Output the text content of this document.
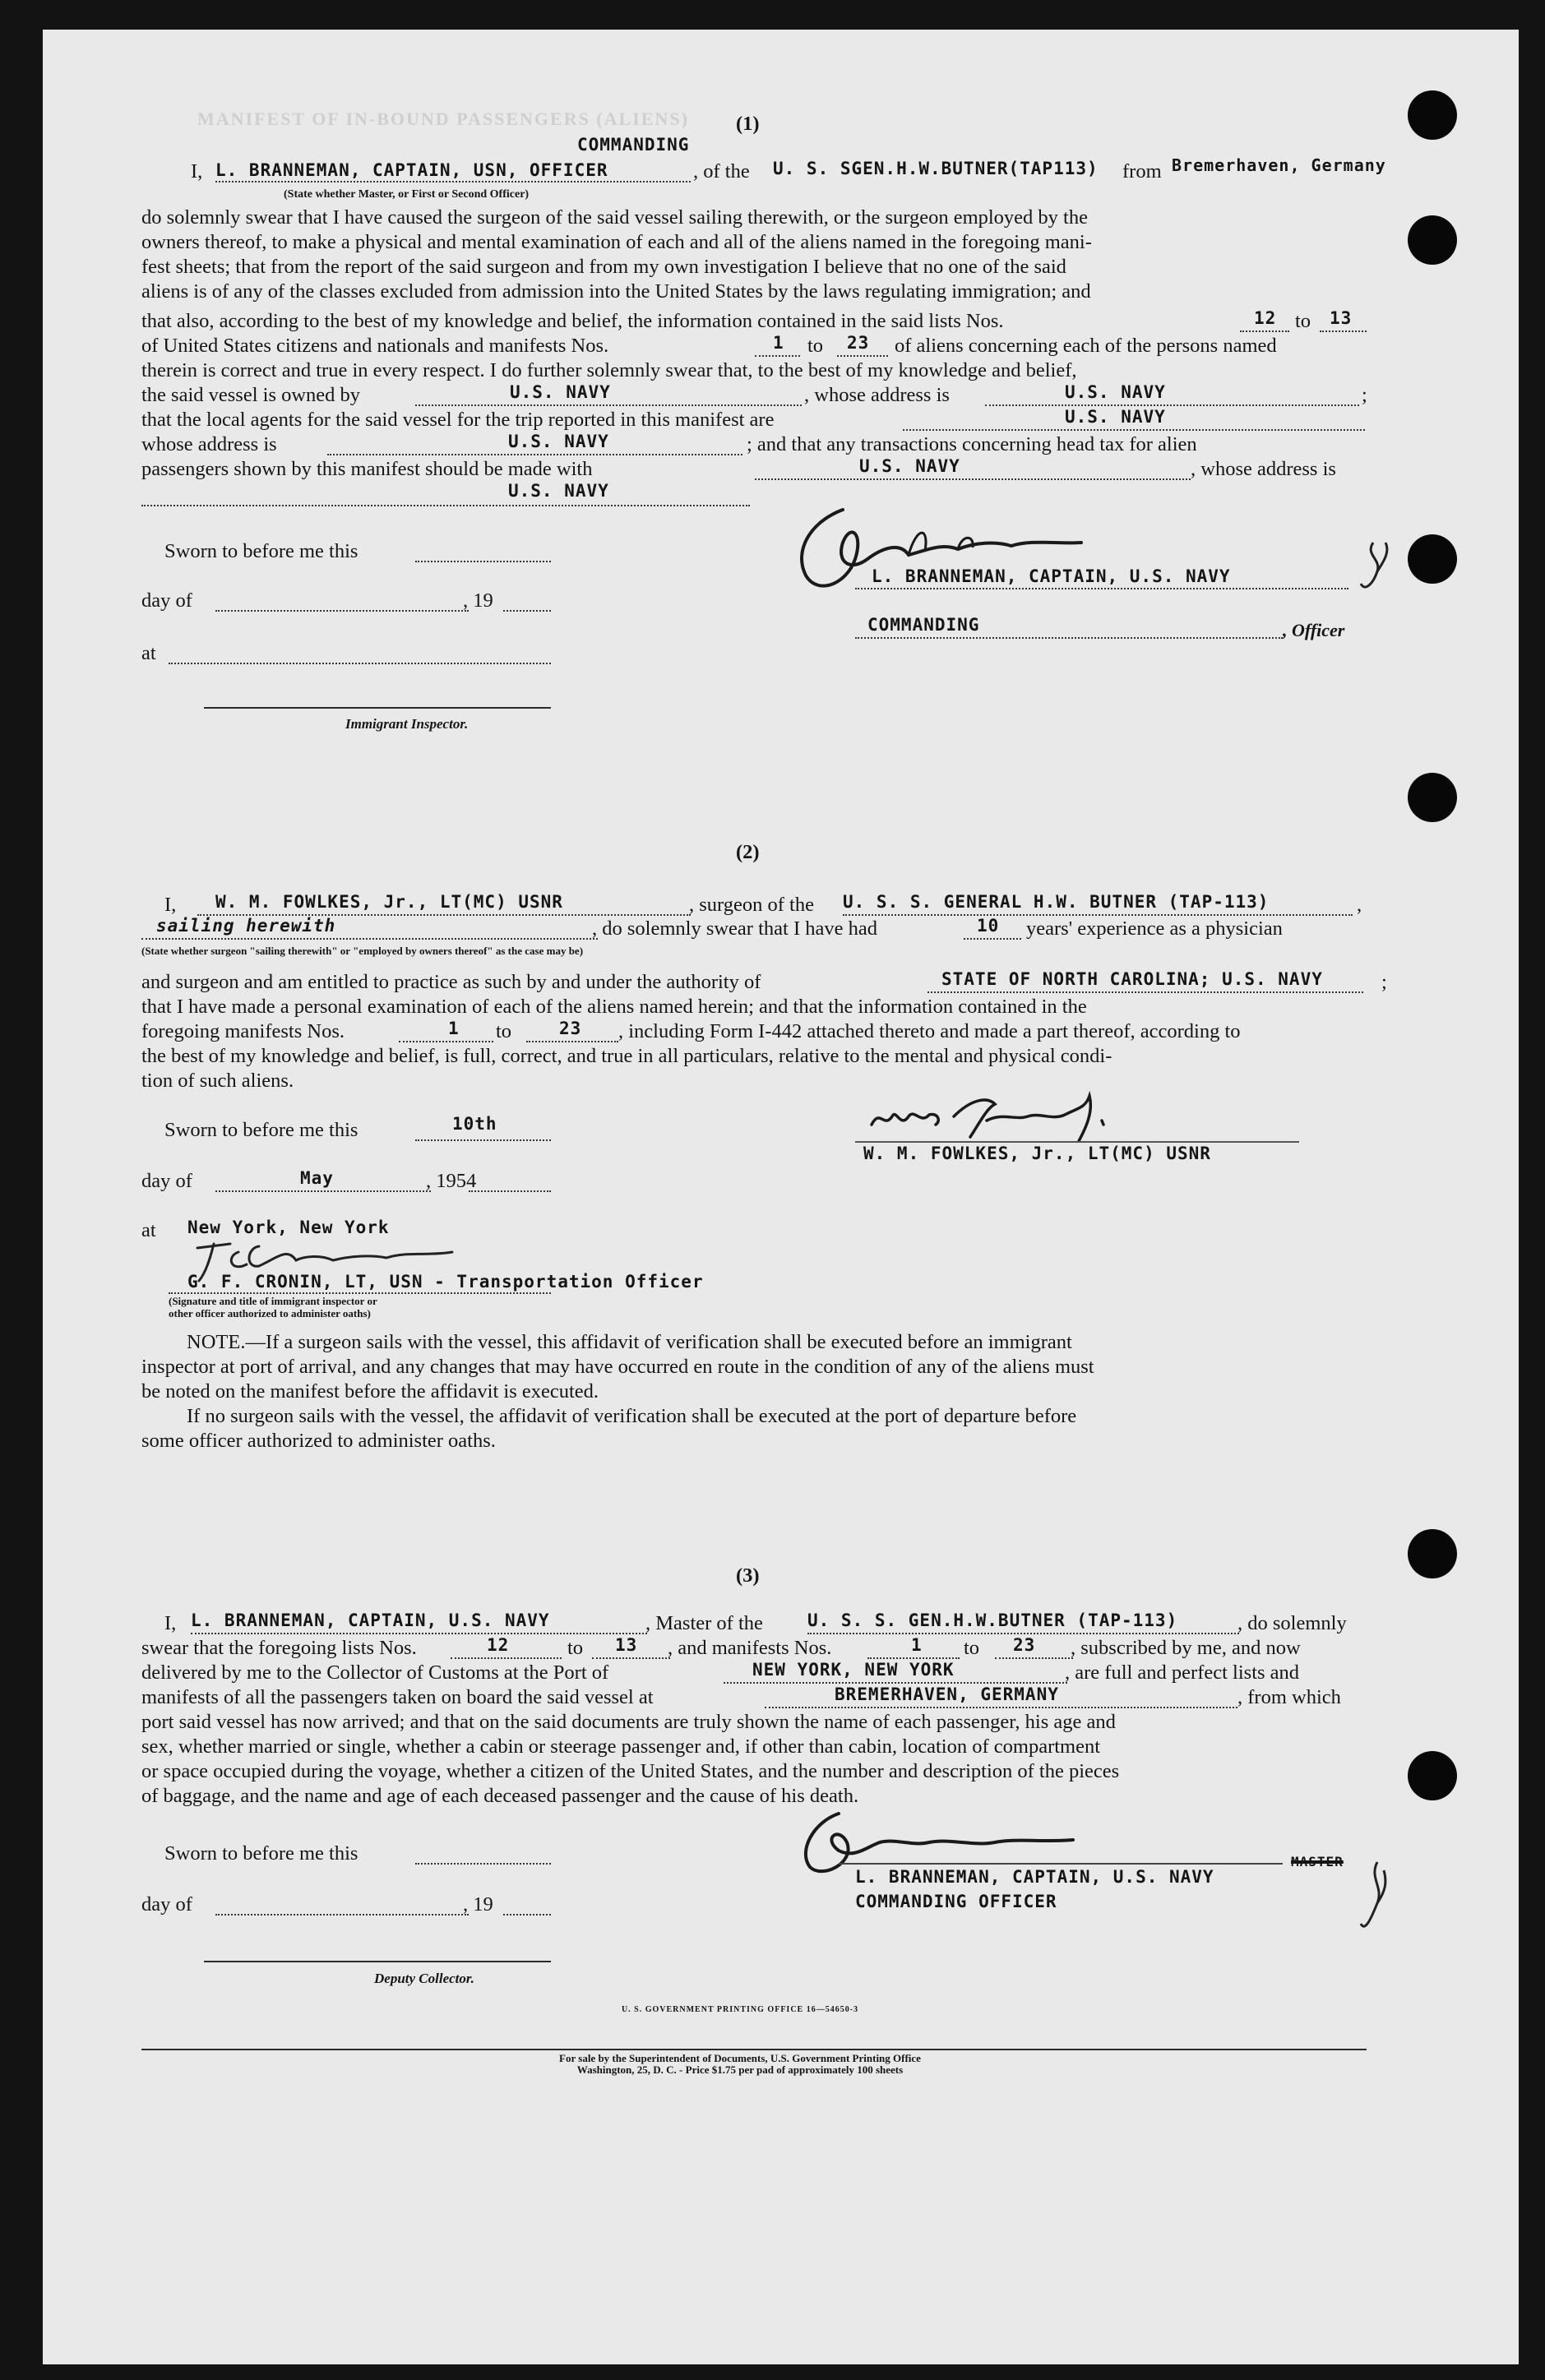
MANIFEST OF IN-BOUND PASSENGERS (ALIENS) (1)
COMMANDING
I, L. BRANNEMAN, CAPTAIN, USN, OFFICER	, of the U. S. SGEN.H.W.BUTNER(TAP113) from Bremerhaven, Germany
(State whether Master, or First or Second Officer)
do solemnly swear that I have caused the surgeon of the said vessel sailing therewith, or the surgeon employed by the
owners thereof, to make a physical and mental examination of each and all of the aliens named in the foregoing mani-
fest sheets; that from the report of the said surgeon and from my own investigation I believe that no one of the said
aliens is of any of the classes excluded from admission into the United States by the laws regulating immigration; and
that also, according to the best of my knowledge and belief, the information contained in the said lists Nos.	12 to 13
of United States citizens and nationals and manifests Nos.	1 to 23 of aliens concerning each of the persons named
therein is correct and true in every respect. I do further solemnly swear that, to the best of my knowledge and belief,
the said vessel is owned by	U.S. NAVY	, whose address is	U.S. NAVY	;
that the local agents for the said vessel for the trip reported in this manifest are	U.S. NAVY
whose address is	U.S. NAVY	; and that any transactions concerning head tax for alien
passengers shown by this manifest should be made with	U.S. NAVY	, whose address is
U.S. NAVY
Sworn to before me this
day of	, 19
at
Immigrant Inspector.
L. BRANNEMAN, CAPTAIN, U.S. NAVY
COMMANDING	, Officer
(2)
I, W. M. FOWLKES, Jr., LT(MC) USNR	, surgeon of the U. S. S. GENERAL H.W. BUTNER (TAP-113)	,
sailing herewith	, do solemnly swear that I have had	10 years' experience as a physician
(State whether surgeon "sailing therewith" or "employed by owners thereof" as the case may be)
and surgeon and am entitled to practice as such by and under the authority of	STATE OF NORTH CAROLINA; U.S. NAVY	;
that I have made a personal examination of each of the aliens named herein; and that the information contained in the
foregoing manifests Nos.	1 to	23 , including Form I-442 attached thereto and made a part thereof, according to
the best of my knowledge and belief, is full, correct, and true in all particulars, relative to the mental and physical condi-
tion of such aliens.
Sworn to before me this	10th
day of	May	, 1954
at New York, New York
G. F. CRONIN, LT, USN - Transportation Officer
(Signature and title of immigrant inspector or
other officer authorized to administer oaths)
W. M. FOWLKES, Jr., LT(MC) USNR
NOTE.—If a surgeon sails with the vessel, this affidavit of verification shall be executed before an immigrant
inspector at port of arrival, and any changes that may have occurred en route in the condition of any of the aliens must
be noted on the manifest before the affidavit is executed.
If no surgeon sails with the vessel, the affidavit of verification shall be executed at the port of departure before
some officer authorized to administer oaths.
(3)
I, L. BRANNEMAN, CAPTAIN, U.S. NAVY	, Master of the	U. S. S. GEN.H.W.BUTNER (TAP-113)	, do solemnly
swear that the foregoing lists Nos.	12	to 13 , and manifests Nos.	1 to 23 , subscribed by me, and now
delivered by me to the Collector of Customs at the Port of	NEW YORK, NEW YORK	, are full and perfect lists and
manifests of all the passengers taken on board the said vessel at	BREMERHAVEN, GERMANY	, from which
port said vessel has now arrived; and that on the said documents are truly shown the name of each passenger, his age and
sex, whether married or single, whether a cabin or steerage passenger and, if other than cabin, location of compartment
or space occupied during the voyage, whether a citizen of the United States, and the number and description of the pieces
of baggage, and the name and age of each deceased passenger and the cause of his death.
Sworn to before me this
day of	, 19
Deputy Collector.
L. BRANNEMAN, CAPTAIN, U.S. NAVY
MASTER
COMMANDING OFFICER
U. S. GOVERNMENT PRINTING OFFICE 16—54650-3
For sale by the Superintendent of Documents, U.S. Government Printing Office
Washington, 25, D. C. - Price $1.75 per pad of approximately 100 sheets
